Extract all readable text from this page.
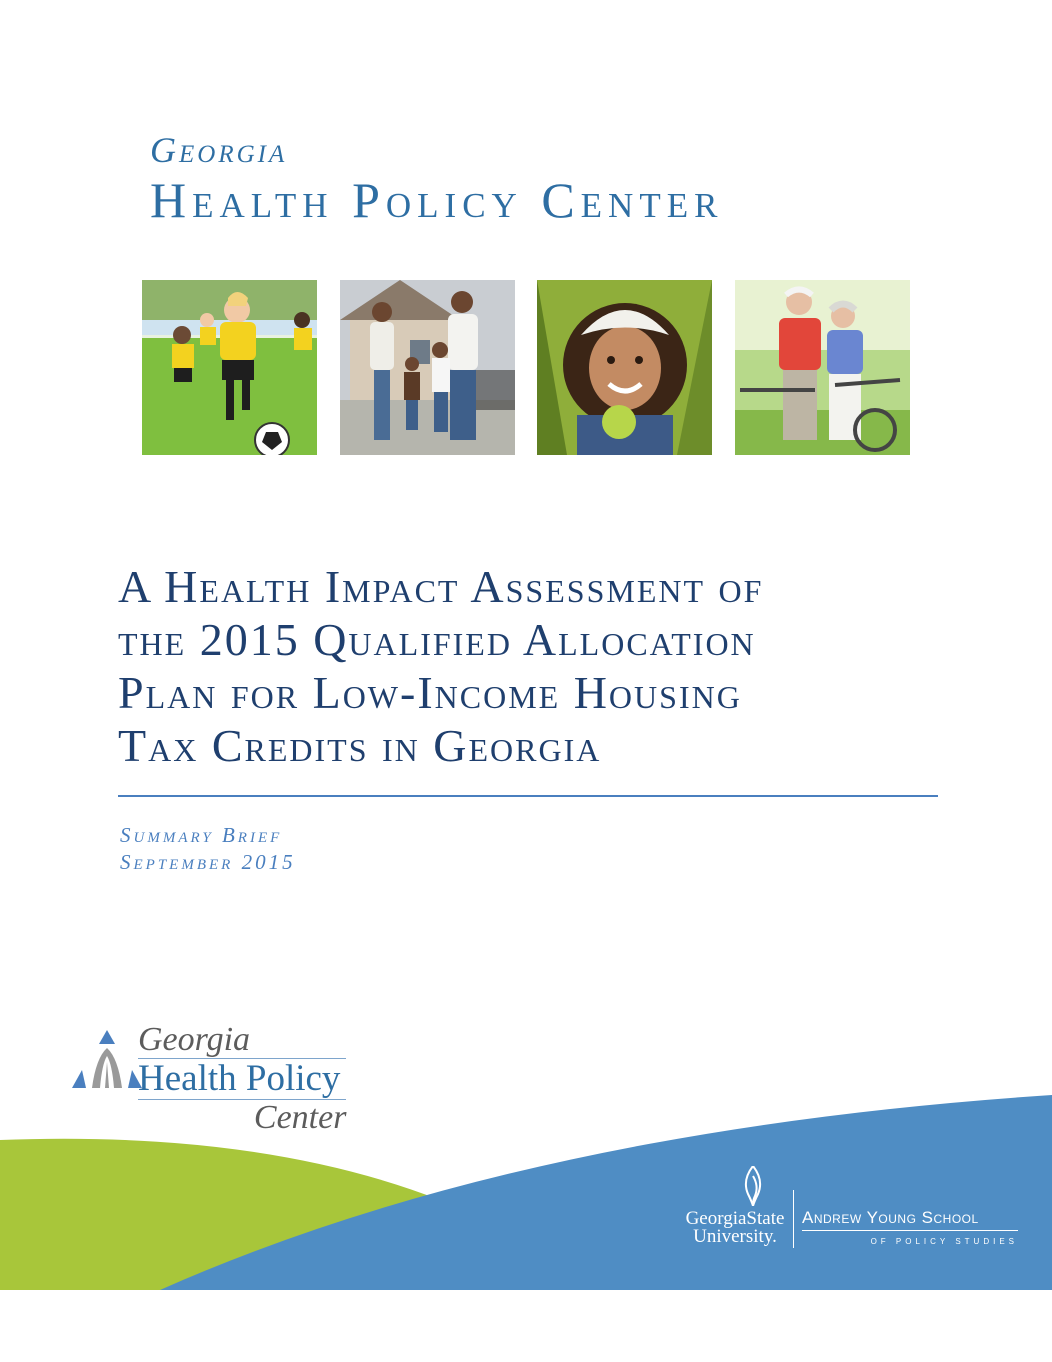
Georgia
Health Policy Center
A Health Impact Assessment of
the 2015 Qualified Allocation
Plan for Low-Income Housing
Tax Credits in Georgia
Summary Brief
September 2015
Georgia
Health Policy
Center
GeorgiaState
University.
Andrew Young School
OF POLICY STUDIES
